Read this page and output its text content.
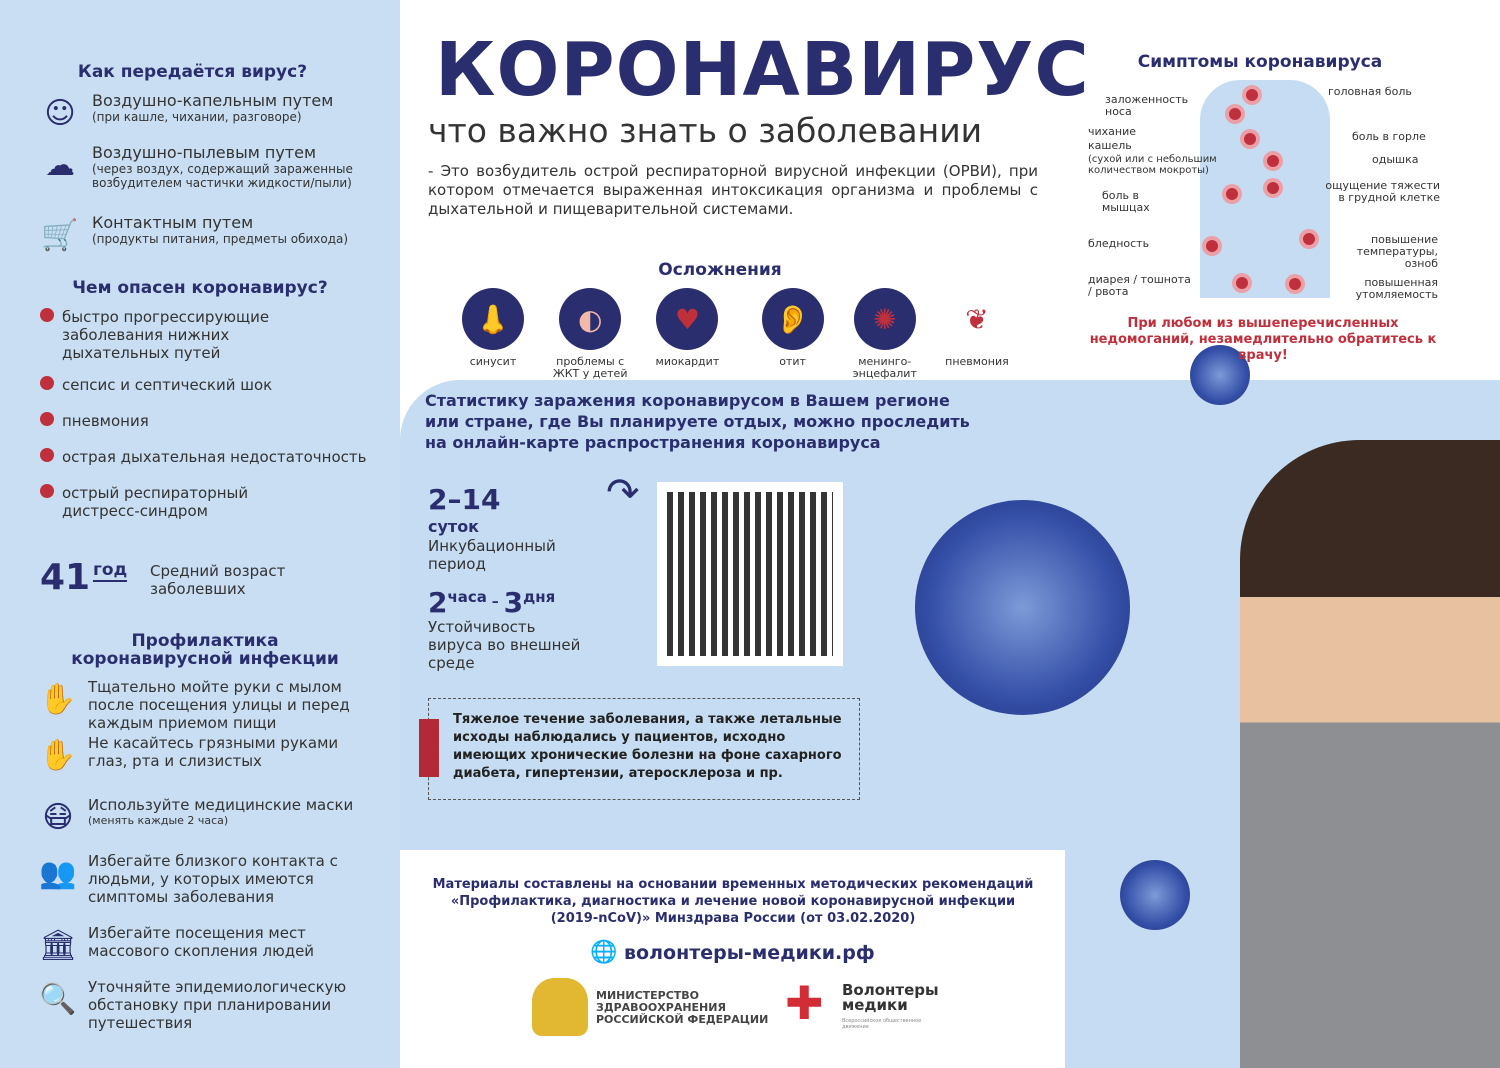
Как передаётся вирус?
☺	Воздушно-капельным путем
(при кашле, чихании, разговоре)
☁	Воздушно-пылевым путем
(через воздух, содержащий зараженные возбудителем частички жидкости/пыли)
🛒 Контактным путем
(продукты питания, предметы обихода)
Чем опасен коронавирус?
быстро прогрессирующие заболевания нижних дыхательных путей
сепсис и септический шок
пневмония
острая дыхательная недостаточность
острый респираторный дистресс-синдром
41 год Средний возраст заболевших
Профилактика коронавирусной инфекции
✋ Тщательно мойте руки с мылом после посещения улицы и перед каждым приемом пищи
✋ Не касайтесь грязными руками глаз, рта и слизистых
😷 Используйте медицинские маски
(менять каждые 2 часа)
👥 Избегайте близкого контакта с людьми, у которых имеются симптомы заболевания
🏛 Избегайте посещения мест массового скопления людей
🔍 Уточняйте эпидемиологическую обстановку при планировании путешествия
КОРОНАВИРУС
что важно знать о заболевании
- Это возбудитель острой респираторной вирусной инфекции (ОРВИ), при котором отмечается выраженная интоксикация организма и проблемы с дыхательной и пищеварительной системами.
Осложнения
👃
синусит
◐
проблемы с ЖКТ у детей
♥
миокардит
👂
отит
✺
менинго-энцефалит
❦
пневмония
Статистику заражения коронавирусом в Вашем регионе или стране, где Вы планируете отдых, можно проследить на онлайн-карте распространения коронавируса
2–14
суток
Инкубационный период
2часа – 3дня
Устойчивость вируса во внешней среде
↷
Тяжелое течение заболевания, а также летальные исходы наблюдались у пациентов, исходно имеющих хронические болезни на фоне сахарного диабета, гипертензии, атеросклероза и пр.
Материалы составлены на основании временных методических рекомендаций «Профилактика, диагностика и лечение новой коронавирусной инфекции (2019-nCoV)» Минздрава России (от 03.02.2020)
🌐 волонтеры-медики.рф
МИНИСТЕРСТВО ЗДРАВООХРАНЕНИЯ РОССИЙСКОЙ ФЕДЕРАЦИИ ✚ Волонтеры медики
Всероссийское общественное движение
Симптомы коронавируса
заложенность носа
чихание
кашель
(сухой или с небольшим количеством мокроты)
боль в мышцах
бледность
диарея / тошнота / рвота
головная боль
боль в горле
одышка
ощущение тяжести в грудной клетке
повышение температуры, озноб
повышенная утомляемость
При любом из вышеперечисленных недомоганий, незамедлительно обратитесь к врачу!
